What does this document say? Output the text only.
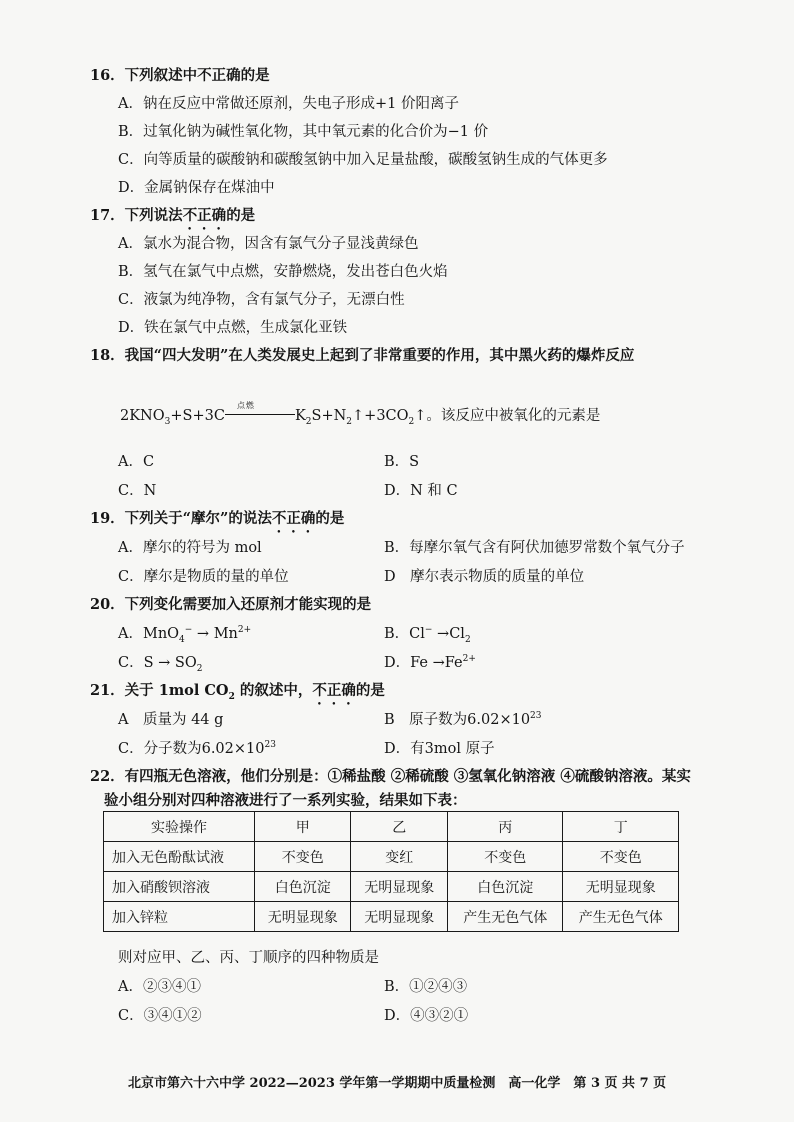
16．下列叙述中不正确的是
A．钠在反应中常做还原剂，失电子形成+1 价阳离子
B．过氧化钠为碱性氧化物，其中氧元素的化合价为−1 价
C．向等质量的碳酸钠和碳酸氢钠中加入足量盐酸，碳酸氢钠生成的气体更多
D．金属钠保存在煤油中
17．下列说法不正确的是
A．氯水为混合物，因含有氯气分子显浅黄绿色
B．氢气在氯气中点燃，安静燃烧，发出苍白色火焰
C．液氯为纯净物，含有氯气分子，无漂白性
D．铁在氯气中点燃，生成氯化亚铁
18．我国“四大发明”在人类发展史上起到了非常重要的作用，其中黑火药的爆炸反应
$2KNO_3+S+3C$
点燃
$K_2S+N_2↑+3CO_2↑$。该反应中被氧化的元素是
A．C	B．S
C．N	D．N 和 C
19．下列关于“摩尔”的说法不正确的是
A．摩尔的符号为 mol	B．每摩尔氧气含有阿伏加德罗常数个氧气分子
C．摩尔是物质的量的单位	D　摩尔表示物质的质量的单位
20．下列变化需要加入还原剂才能实现的是
A．$MnO_4^- \to Mn^{2+}$	B．$Cl^- \to Cl_2$
C．$S \to SO_2$	D．$Fe \to Fe^{2+}$
21．关于 1mol $CO_2$ 的叙述中，不正确的是
A　质量为 44 g	B　原子数为$6.02\times 10^{23}$
C．分子数为$6.02\times 10^{23}$	D．有3mol 原子
22．有四瓶无色溶液，他们分别是：①稀盐酸 ②稀硫酸 ③氢氧化钠溶液 ④硫酸钠溶液。某实
验小组分别对四种溶液进行了一系列实验，结果如下表：
实验操作	甲	乙	丙	丁
加入无色酚酞试液	不变色	变红	不变色	不变色
加入硝酸钡溶液	白色沉淀	无明显现象	白色沉淀	无明显现象
加入锌粒	无明显现象	无明显现象	产生无色气体	产生无色气体
则对应甲、乙、丙、丁顺序的四种物质是
A．②③④①	B．①②④③
C．③④①②	D．④③②①
北京市第六十六中学 2022—2023 学年第一学期期中质量检测　高一化学　第 3 页 共 7 页
